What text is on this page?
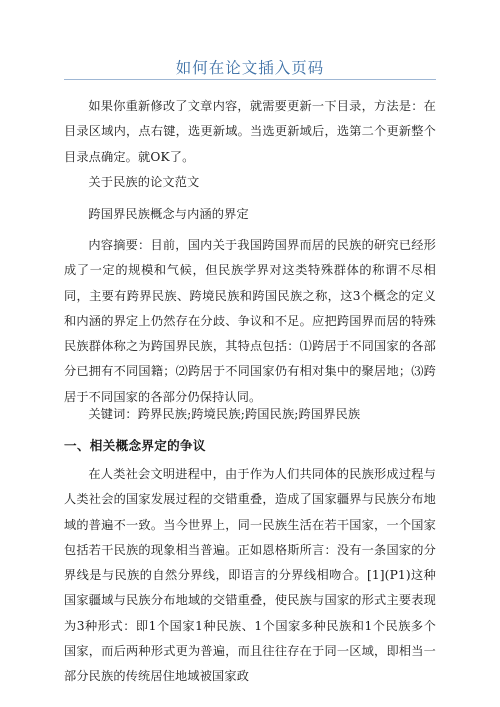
如何在论文插入页码
如果你重新修改了文章内容，就需要更新一下目录，方法是：在目录区域内，点右键，选更新域。当选更新域后，选第二个更新整个目录点确定。就OK了。
关于民族的论文范文
跨国界民族概念与内涵的界定
内容摘要：目前，国内关于我国跨国界而居的民族的研究已经形成了一定的规模和气候，但民族学界对这类特殊群体的称谓不尽相同，主要有跨界民族、跨境民族和跨国民族之称，这3个概念的定义和内涵的界定上仍然存在分歧、争议和不足。应把跨国界而居的特殊民族群体称之为跨国界民族，其特点包括：⑴跨居于不同国家的各部分已拥有不同国籍；⑵跨居于不同国家仍有相对集中的聚居地；⑶跨居于不同国家的各部分仍保持认同。
关键词：跨界民族;跨境民族;跨国民族;跨国界民族
一、相关概念界定的争议
在人类社会文明进程中，由于作为人们共同体的民族形成过程与人类社会的国家发展过程的交错重叠，造成了国家疆界与民族分布地域的普遍不一致。当今世界上，同一民族生活在若干国家，一个国家包括若干民族的现象相当普遍。正如恩格斯所言：没有一条国家的分界线是与民族的自然分界线，即语言的分界线相吻合。[1](P1)这种国家疆域与民族分布地域的交错重叠，使民族与国家的形式主要表现为3种形式：即1个国家1种民族、1个国家多种民族和1个民族多个国家，而后两种形式更为普遍，而且往往存在于同一区域，即相当一部分民族的传统居住地域被国家政
